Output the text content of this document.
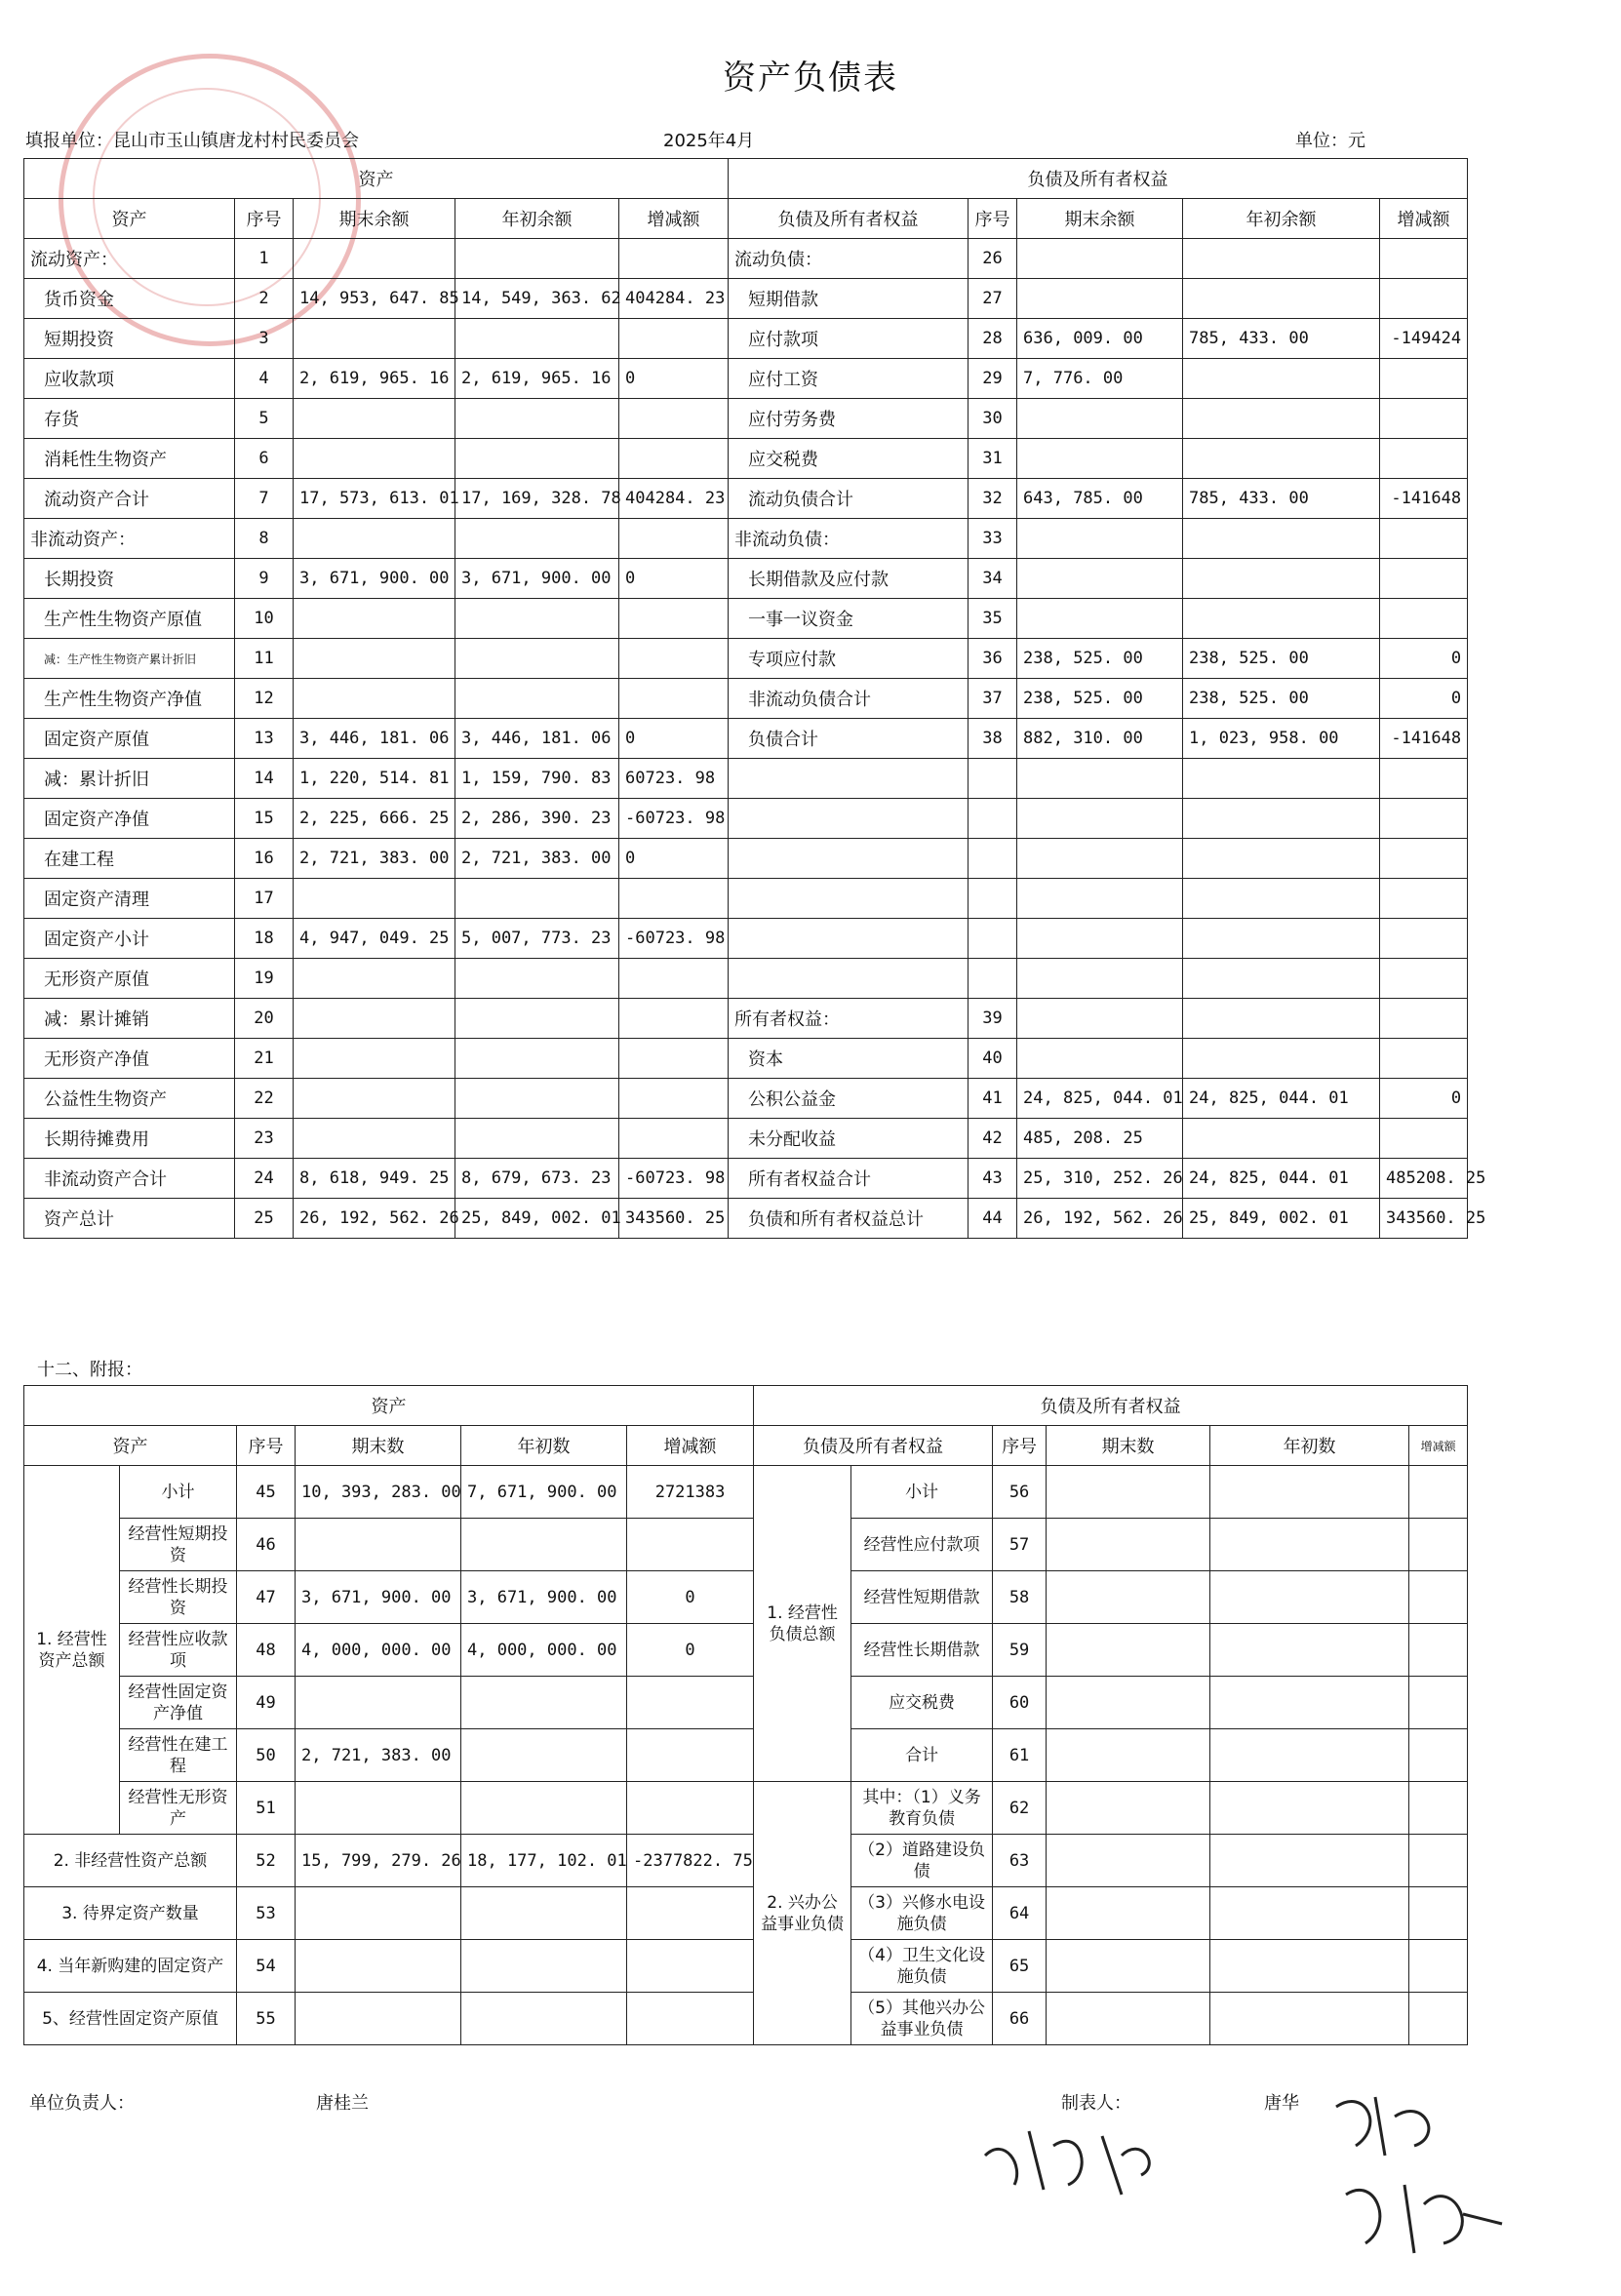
资产负债表
填报单位：昆山市玉山镇唐龙村村民委员会	2025年4月	单位：元
资产					负债及所有者权益				
资产	序号	期末余额	年初余额	增减额	负债及所有者权益	序号	期末余额	年初余额	增减额
流动资产：	1				流动负债：	26			
货币资金	2	14, 953, 647. 85	14, 549, 363. 62	404284. 23	短期借款	27			
短期投资	3				应付款项	28	636, 009. 00	785, 433. 00	-149424
应收款项	4	2, 619, 965. 16	2, 619, 965. 16	0	应付工资	29	7, 776. 00		
存货	5				应付劳务费	30			
消耗性生物资产	6				应交税费	31			
流动资产合计	7	17, 573, 613. 01	17, 169, 328. 78	404284. 23	流动负债合计	32	643, 785. 00	785, 433. 00	-141648
非流动资产：	8				非流动负债：	33			
长期投资	9	3, 671, 900. 00	3, 671, 900. 00	0	长期借款及应付款	34			
生产性生物资产原值	10				一事一议资金	35			
减：生产性生物资产累计折旧	11				专项应付款	36	238, 525. 00	238, 525. 00	0
生产性生物资产净值	12				非流动负债合计	37	238, 525. 00	238, 525. 00	0
固定资产原值	13	3, 446, 181. 06	3, 446, 181. 06	0	负债合计	38	882, 310. 00	1, 023, 958. 00	-141648
减：累计折旧	14	1, 220, 514. 81	1, 159, 790. 83	60723. 98					
固定资产净值	15	2, 225, 666. 25	2, 286, 390. 23	-60723. 98					
在建工程	16	2, 721, 383. 00	2, 721, 383. 00	0					
固定资产清理	17								
固定资产小计	18	4, 947, 049. 25	5, 007, 773. 23	-60723. 98					
无形资产原值	19								
减：累计摊销	20				所有者权益：	39			
无形资产净值	21				资本	40			
公益性生物资产	22				公积公益金	41	24, 825, 044. 01	24, 825, 044. 01	0
长期待摊费用	23				未分配收益	42	485, 208. 25		
非流动资产合计	24	8, 618, 949. 25	8, 679, 673. 23	-60723. 98	所有者权益合计	43	25, 310, 252. 26	24, 825, 044. 01	485208. 25
资产总计	25	26, 192, 562. 26	25, 849, 002. 01	343560. 25	负债和所有者权益总计	44	26, 192, 562. 26	25, 849, 002. 01	343560. 25
十二、附报：
资产						负债及所有者权益					
资产		序号	期末数	年初数	增减额	负债及所有者权益		序号	期末数	年初数	增减额
1. 经营性资产总额	小计	45	10, 393, 283. 00	7, 671, 900. 00	2721383	1. 经营性负债总额	小计	56			
	经营性短期投资	46					经营性应付款项	57			
	经营性长期投资	47	3, 671, 900. 00	3, 671, 900. 00	0		经营性短期借款	58			
	经营性应收款项	48	4, 000, 000. 00	4, 000, 000. 00	0		经营性长期借款	59			
	经营性固定资产净值	49					应交税费	60			
	经营性在建工程	50	2, 721, 383. 00				合计	61			
	经营性无形资产	51				2. 兴办公益事业负债	其中：（1）义务教育负债	62			
2. 非经营性资产总额		52	15, 799, 279. 26	18, 177, 102. 01	-2377822. 75		（2）道路建设负债	63			
3. 待界定资产数量		53					（3）兴修水电设施负债	64			
4. 当年新购建的固定资产		54					（4）卫生文化设施负债	65			
5、经营性固定资产原值		55					（5）其他兴办公益事业负债	66			
单位负责人：	唐桂兰	制表人：	唐华
